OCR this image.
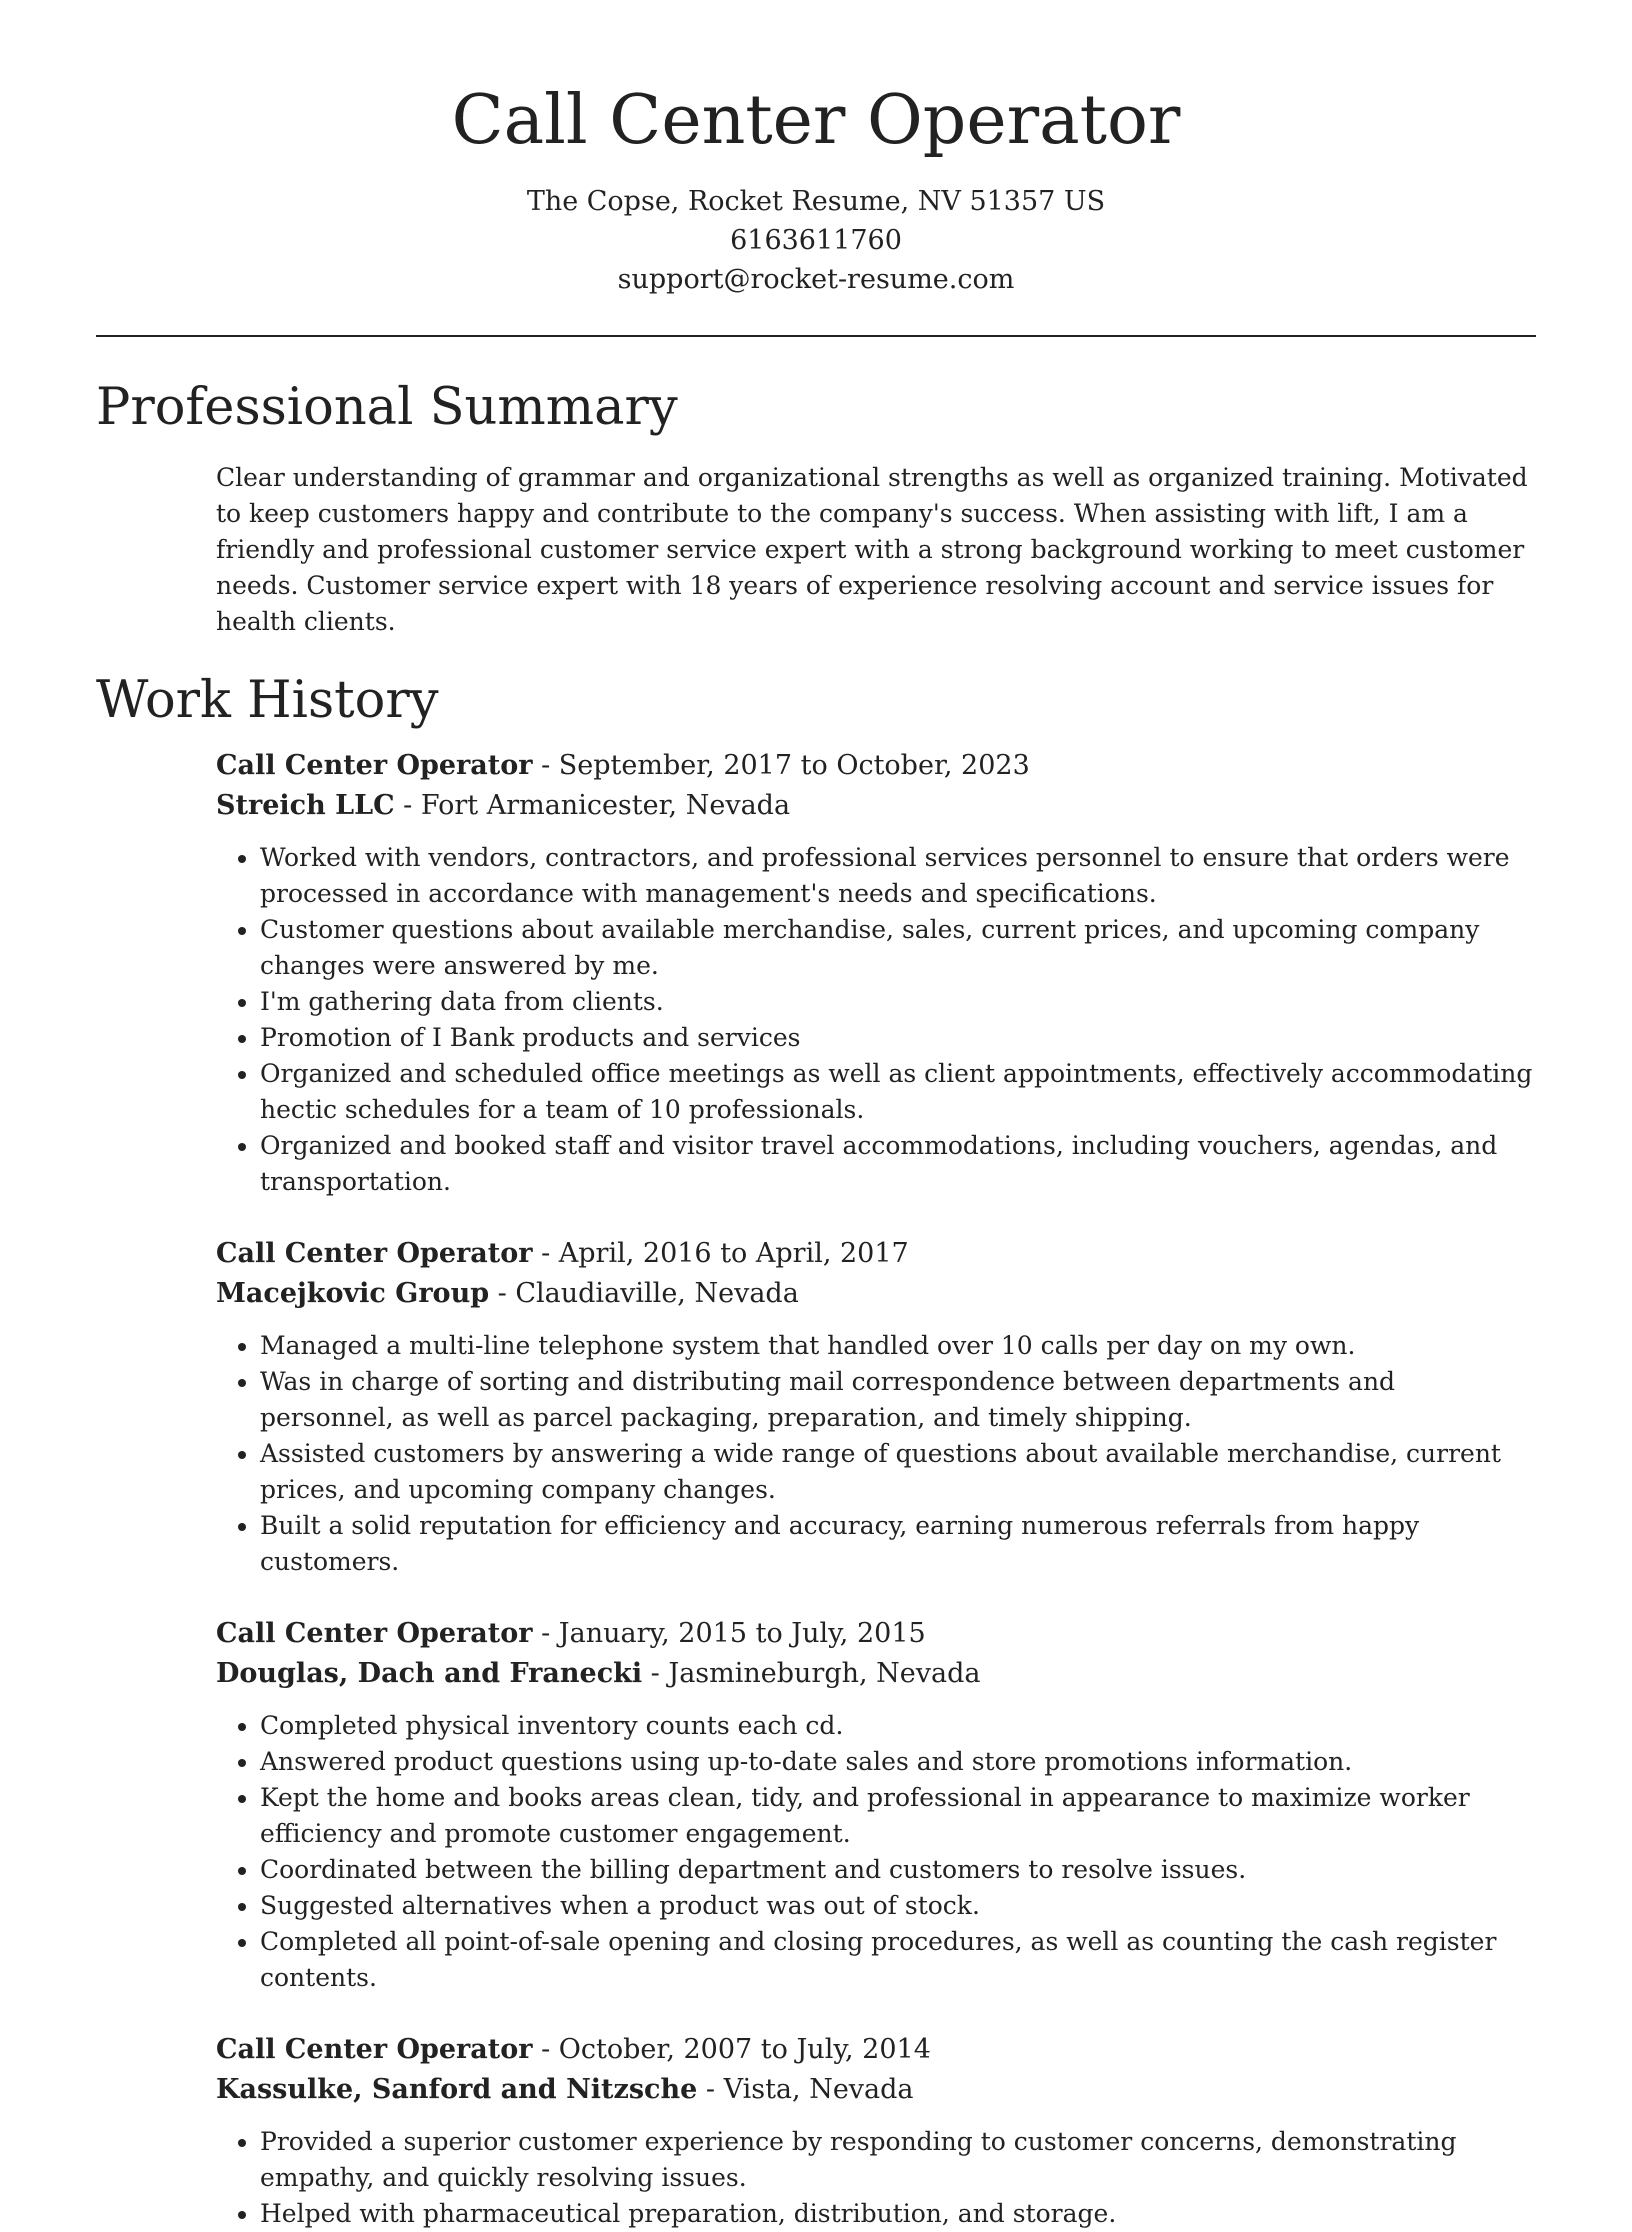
Call Center Operator

The Copse, Rocket Resume, NV 51357 US

6163611760

support@rocket-resume.com

Professional Summary

Clear understanding of grammar and organizational strengths as well as organized training. Motivated to keep customers happy and contribute to the company's success. When assisting with lift, I am a friendly and professional customer service expert with a strong background working to meet customer needs. Customer service expert with 18 years of experience resolving account and service issues for health clients.

Work History

Call Center Operator - September, 2017 to October, 2023

Streich LLC - Fort Armanicester, Nevada

• Worked with vendors, contractors, and professional services personnel to ensure that orders were processed in accordance with management's needs and specifications.
• Customer questions about available merchandise, sales, current prices, and upcoming company changes were answered by me.
• I'm gathering data from clients.
• Promotion of I Bank products and services
• Organized and scheduled office meetings as well as client appointments, effectively accommodating hectic schedules for a team of 10 professionals.
• Organized and booked staff and visitor travel accommodations, including vouchers, agendas, and transportation.

Call Center Operator - April, 2016 to April, 2017

Macejkovic Group - Claudiaville, Nevada

• Managed a multi-line telephone system that handled over 10 calls per day on my own.
• Was in charge of sorting and distributing mail correspondence between departments and personnel, as well as parcel packaging, preparation, and timely shipping.
• Assisted customers by answering a wide range of questions about available merchandise, current prices, and upcoming company changes.
• Built a solid reputation for efficiency and accuracy, earning numerous referrals from happy customers.

Call Center Operator - January, 2015 to July, 2015

Douglas, Dach and Franecki - Jasmineburgh, Nevada

• Completed physical inventory counts each cd.
• Answered product questions using up-to-date sales and store promotions information.
• Kept the home and books areas clean, tidy, and professional in appearance to maximize worker efficiency and promote customer engagement.
• Coordinated between the billing department and customers to resolve issues.
• Suggested alternatives when a product was out of stock.
• Completed all point-of-sale opening and closing procedures, as well as counting the cash register contents.

Call Center Operator - October, 2007 to July, 2014

Kassulke, Sanford and Nitzsche - Vista, Nevada

• Provided a superior customer experience by responding to customer concerns, demonstrating empathy, and quickly resolving issues.
• Helped with pharmaceutical preparation, distribution, and storage.
